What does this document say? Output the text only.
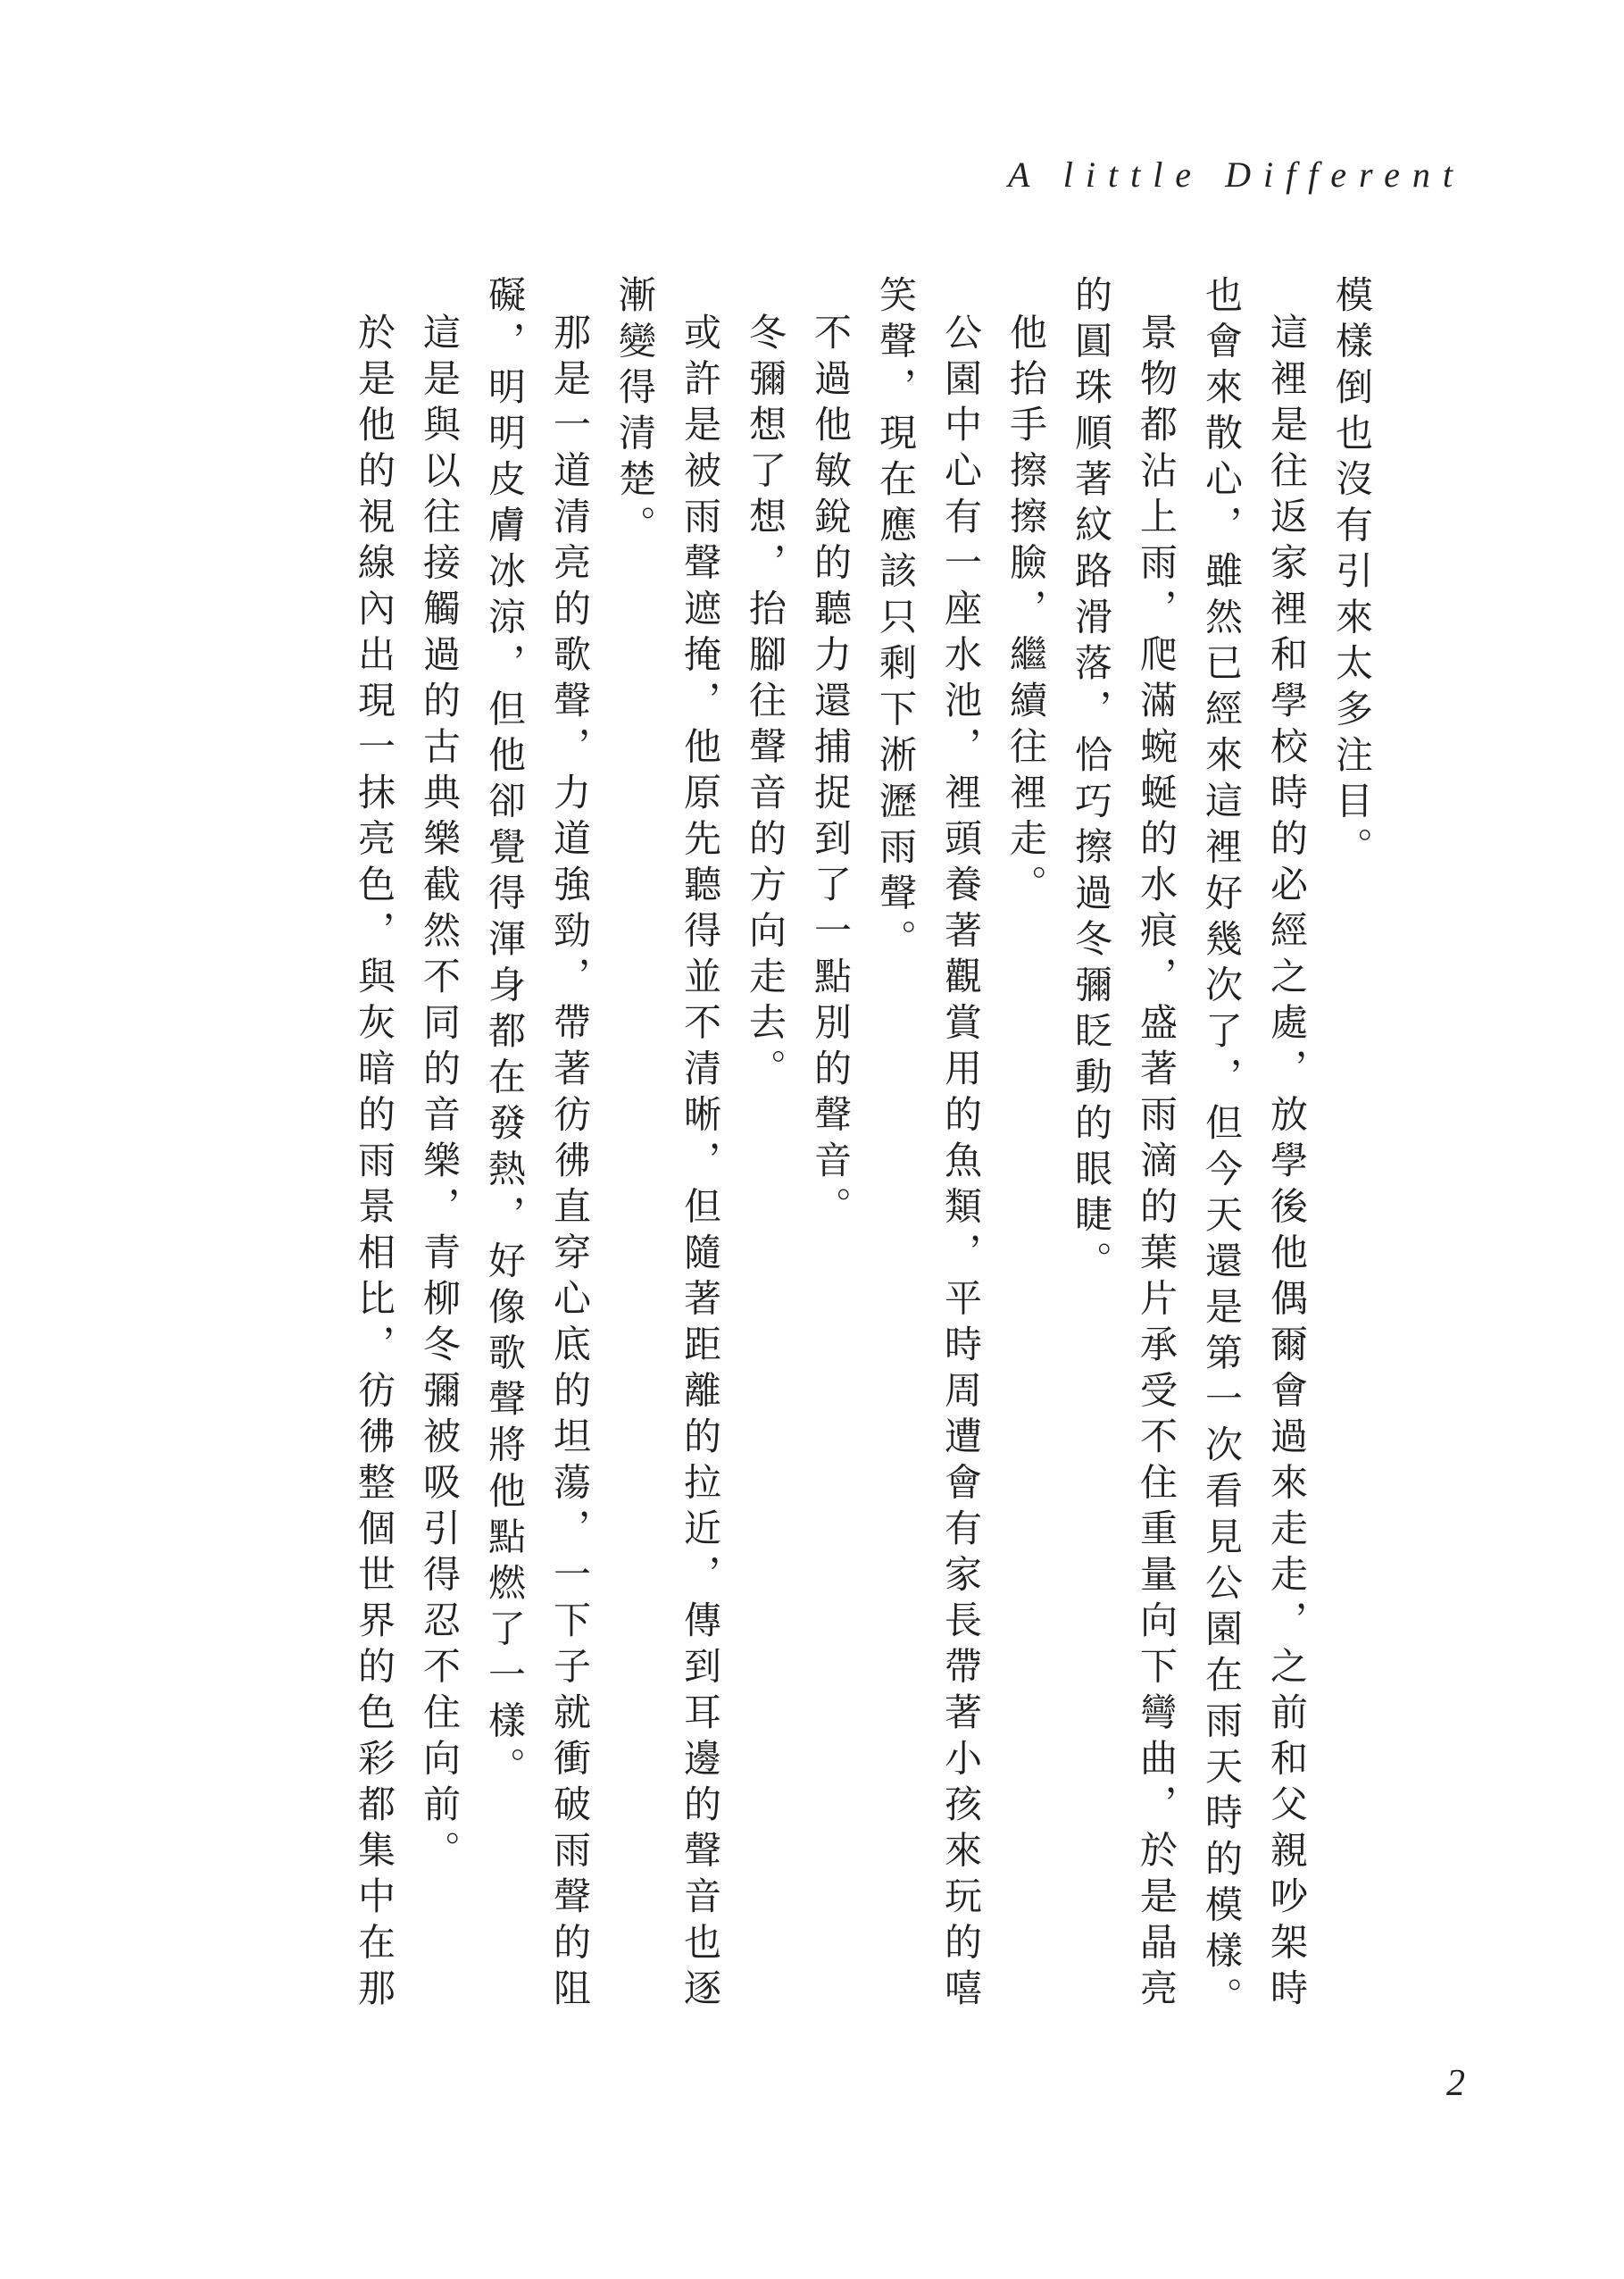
A little Different

模樣倒也沒有引來太多注目。

這裡是往返家裡和學校時的必經之處，放學後他偶爾會過來走走，之前和父親吵架時也會來散心，雖然已經來這裡好幾次了，但今天還是第一次看見公園在雨天時的模樣。

景物都沾上雨，爬滿蜿蜒的水痕，盛著雨滴的葉片承受不住重量向下彎曲，於是晶亮的圓珠順著紋路滑落，恰巧擦過冬彌眨動的眼睫。

他抬手擦擦臉，繼續往裡走。

公園中心有一座水池，裡頭養著觀賞用的魚類，平時周遭會有家長帶著小孩來玩的嘻笑聲，現在應該只剩下淅瀝雨聲。

不過他敏銳的聽力還捕捉到了一點別的聲音。

冬彌想了想，抬腳往聲音的方向走去。

或許是被雨聲遮掩，他原先聽得並不清晰，但隨著距離的拉近，傳到耳邊的聲音也逐漸變得清楚。

那是一道清亮的歌聲，力道強勁，帶著彷彿直穿心底的坦蕩，一下子就衝破雨聲的阻礙，明明皮膚冰涼，但他卻覺得渾身都在發熱，好像歌聲將他點燃了一樣。

這是與以往接觸過的古典樂截然不同的音樂，青柳冬彌被吸引得忍不住向前。

於是他的視線內出現一抹亮色，與灰暗的雨景相比，彷彿整個世界的色彩都集中在那

2
